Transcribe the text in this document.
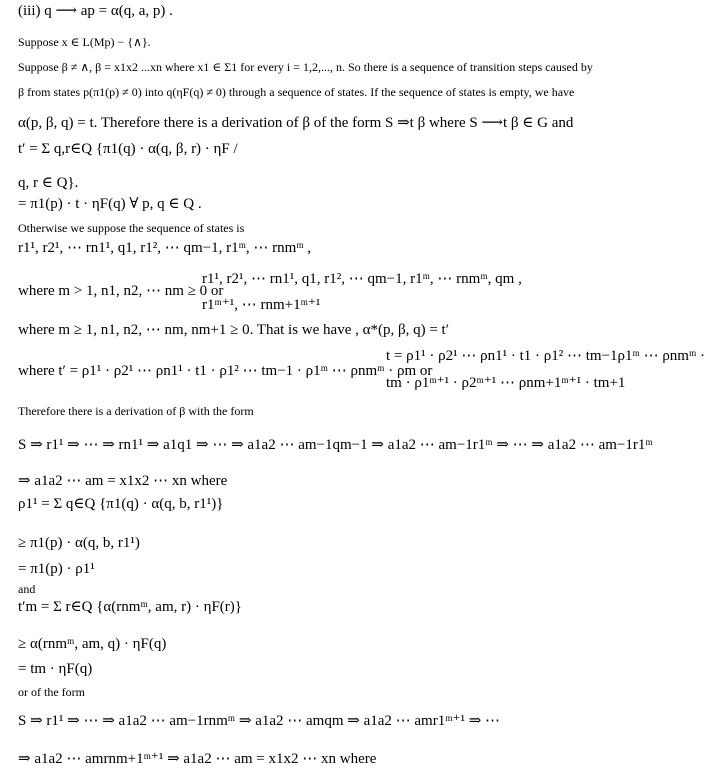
(iii) q ⟶ ap = α(q, a, p) .
Suppose x ∈ L(Mp) − {∧}.
Suppose β ≠ ∧, β = x1x2 ...xn where x1 ∈ Σ1 for every i = 1,2,..., n. So there is a sequence of transition steps caused by
β from states p(π1(p) ≠ 0) into q(ηF(q) ≠ 0) through a sequence of states. If the sequence of states is empty, we have
α(p, β, q) = t. Therefore there is a derivation of β of the form S ⇒t β where S ⟶t β ∈ G and
t′ = Σ q,r∈Q {π1(q) · α(q, β, r) · ηF /
q, r ∈ Q}.
= π1(p) · t · ηF(q) ∀ p, q ∈ Q .
Otherwise we suppose the sequence of states is
r1¹, r2¹, ⋯ rn1¹, q1, r1², ⋯ qm−1, r1ᵐ, ⋯ rnmᵐ ,
where m > 1, n1, n2, ⋯ nm ≥ 0 or
r1¹, r2¹, ⋯ rn1¹, q1, r1², ⋯ qm−1, r1ᵐ, ⋯ rnmᵐ, qm ,
r1ᵐ⁺¹, ⋯ rnm+1ᵐ⁺¹
where m ≥ 1, n1, n2, ⋯ nm, nm+1 ≥ 0. That is we have , α*(p, β, q) = t′
where t′ = ρ1¹ · ρ2¹ ⋯ ρn1¹ · t1 · ρ1² ⋯ tm−1 · ρ1ᵐ ⋯ ρnmᵐ · ρm or
t = ρ1¹ · ρ2¹ ⋯ ρn1¹ · t1 · ρ1² ⋯ tm−1ρ1ᵐ ⋯ ρnmᵐ ·
tm · ρ1ᵐ⁺¹ · ρ2ᵐ⁺¹ ⋯ ρnm+1ᵐ⁺¹ · tm+1
Therefore there is a derivation of β with the form
S ⇒ r1¹ ⇒ ⋯ ⇒ rn1¹ ⇒ a1q1 ⇒ ⋯ ⇒ a1a2 ⋯ am−1qm−1 ⇒ a1a2 ⋯ am−1r1ᵐ ⇒ ⋯ ⇒ a1a2 ⋯ am−1r1ᵐ
⇒ a1a2 ⋯ am = x1x2 ⋯ xn where
ρ1¹ = Σ q∈Q {π1(q) · α(q, b, r1¹)}
≥ π1(p) · α(q, b, r1¹)
= π1(p) · ρ1¹
and
t′m = Σ r∈Q {α(rnmᵐ, am, r) · ηF(r)}
≥ α(rnmᵐ, am, q) · ηF(q)
= tm · ηF(q)
or of the form
S ⇒ r1¹ ⇒ ⋯ ⇒ a1a2 ⋯ am−1rnmᵐ ⇒ a1a2 ⋯ amqm ⇒ a1a2 ⋯ amr1ᵐ⁺¹ ⇒ ⋯
⇒ a1a2 ⋯ amrnm+1ᵐ⁺¹ ⇒ a1a2 ⋯ am = x1x2 ⋯ xn where
